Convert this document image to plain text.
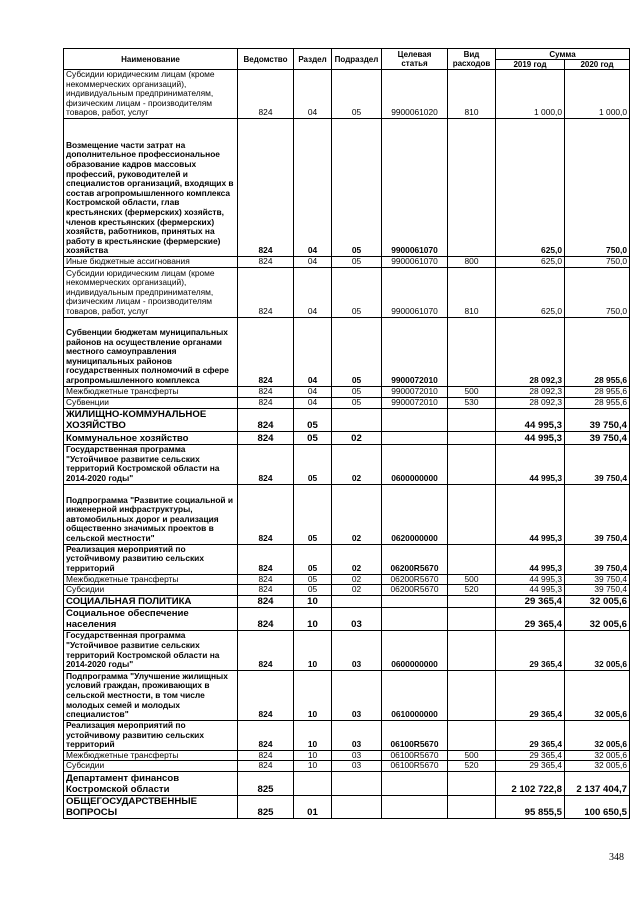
Наименование	Ведомство	Раздел	Подраздел	Целевая статья	Вид расходов	Сумма	
						2019 год	2020 год
Субсидии юридическим лицам (кроме некоммерческих организаций), индивидуальным предпринимателям, физическим лицам - производителям товаров, работ, услуг	824	04	05	9900061020	810	1 000,0	1 000,0
Возмещение части затрат на дополнительное профессиональное образование кадров массовых профессий, руководителей и специалистов организаций, входящих в состав агропромышленного комплекса Костромской области, глав крестьянских (фермерских) хозяйств, членов крестьянских (фермерских) хозяйств, работников, принятых на работу в крестьянские (фермерские) хозяйства	824	04	05	9900061070		625,0	750,0
Иные бюджетные ассигнования	824	04	05	9900061070	800	625,0	750,0
Субсидии юридическим лицам (кроме некоммерческих организаций), индивидуальным предпринимателям, физическим лицам - производителям товаров, работ, услуг	824	04	05	9900061070	810	625,0	750,0
Субвенции бюджетам муниципальных районов на осуществление органами местного самоуправления муниципальных районов государственных полномочий в сфере агропромышленного комплекса	824	04	05	9900072010		28 092,3	28 955,6
Межбюджетные трансферты	824	04	05	9900072010	500	28 092,3	28 955,6
Субвенции	824	04	05	9900072010	530	28 092,3	28 955,6
ЖИЛИЩНО-КОММУНАЛЬНОЕ ХОЗЯЙСТВО	824	05				44 995,3	39 750,4
Коммунальное хозяйство	824	05	02			44 995,3	39 750,4
Государственная программа "Устойчивое развитие сельских территорий Костромской области на 2014-2020 годы"	824	05	02	0600000000		44 995,3	39 750,4
Подпрограмма "Развитие социальной и инженерной инфраструктуры, автомобильных дорог и реализация общественно значимых проектов в сельской местности"	824	05	02	0620000000		44 995,3	39 750,4
Реализация мероприятий по устойчивому развитию сельских территорий	824	05	02	06200R5670		44 995,3	39 750,4
Межбюджетные трансферты	824	05	02	06200R5670	500	44 995,3	39 750,4
Субсидии	824	05	02	06200R5670	520	44 995,3	39 750,4
СОЦИАЛЬНАЯ ПОЛИТИКА	824	10				29 365,4	32 005,6
Социальное обеспечение населения	824	10	03			29 365,4	32 005,6
Государственная программа "Устойчивое развитие сельских территорий Костромской области на 2014-2020 годы"	824	10	03	0600000000		29 365,4	32 005,6
Подпрограмма "Улучшение жилищных условий граждан, проживающих в сельской местности, в том числе молодых семей и молодых специалистов"	824	10	03	0610000000		29 365,4	32 005,6
Реализация мероприятий по устойчивому развитию сельских территорий	824	10	03	06100R5670		29 365,4	32 005,6
Межбюджетные трансферты	824	10	03	06100R5670	500	29 365,4	32 005,6
Субсидии	824	10	03	06100R5670	520	29 365,4	32 005,6
Департамент финансов Костромской области	825					2 102 722,8	2 137 404,7
ОБЩЕГОСУДАРСТВЕННЫЕ ВОПРОСЫ	825	01				95 855,5	100 650,5
348
